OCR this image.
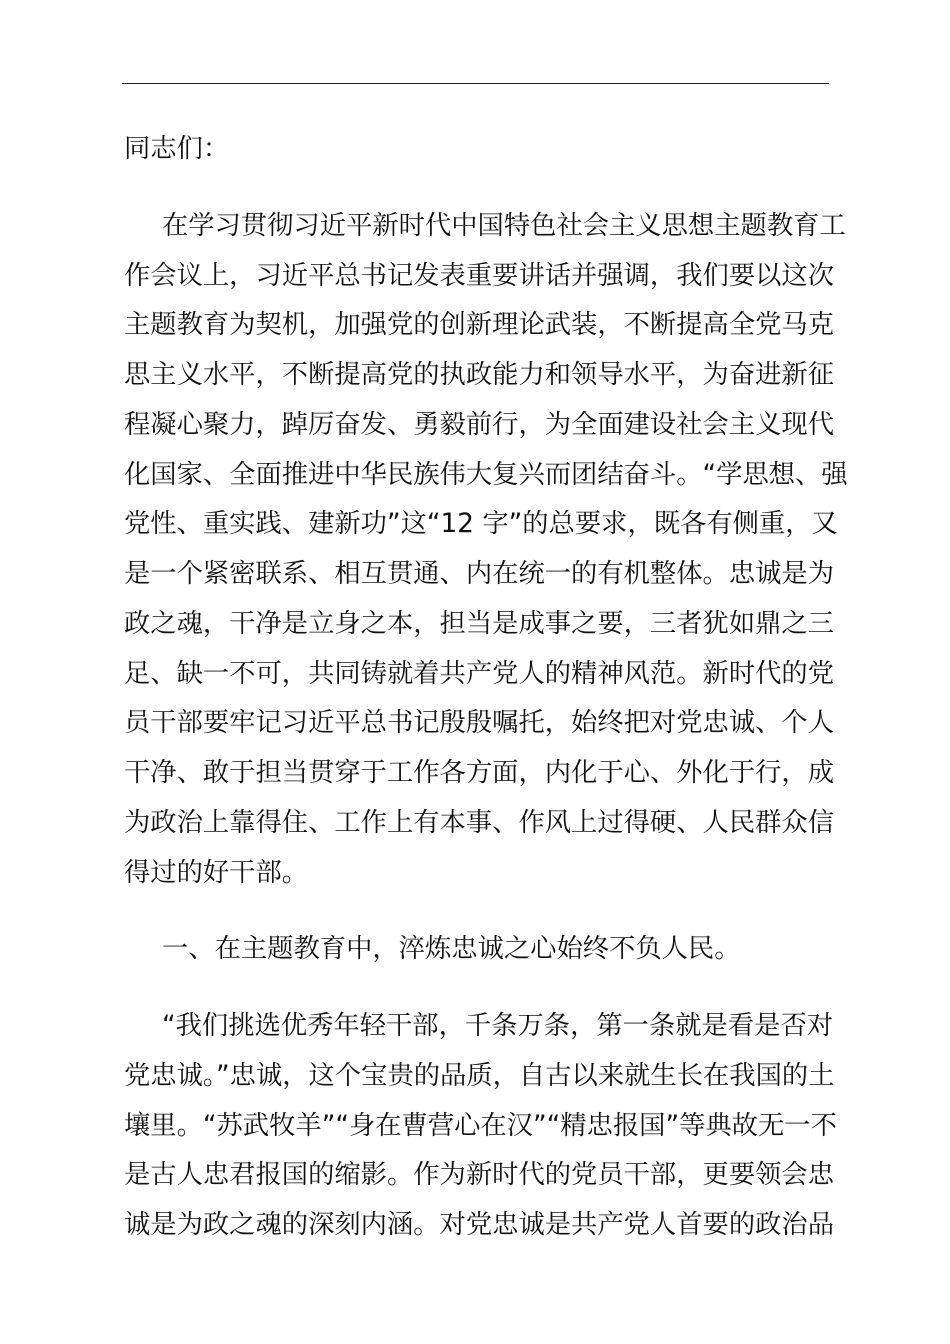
同志们：
在学习贯彻习近平新时代中国特色社会主义思想主题教育工
作会议上，习近平总书记发表重要讲话并强调，我们要以这次
主题教育为契机，加强党的创新理论武装，不断提高全党马克
思主义水平，不断提高党的执政能力和领导水平，为奋进新征
程凝心聚力，踔厉奋发、勇毅前行，为全面建设社会主义现代
化国家、全面推进中华民族伟大复兴而团结奋斗。“学思想、强
党性、重实践、建新功”这“12 字”的总要求，既各有侧重，又
是一个紧密联系、相互贯通、内在统一的有机整体。忠诚是为
政之魂，干净是立身之本，担当是成事之要，三者犹如鼎之三
足、缺一不可，共同铸就着共产党人的精神风范。新时代的党
员干部要牢记习近平总书记殷殷嘱托，始终把对党忠诚、个人
干净、敢于担当贯穿于工作各方面，内化于心、外化于行，成
为政治上靠得住、工作上有本事、作风上过得硬、人民群众信
得过的好干部。
一、在主题教育中，淬炼忠诚之心始终不负人民。
“我们挑选优秀年轻干部，千条万条，第一条就是看是否对
党忠诚。”忠诚，这个宝贵的品质，自古以来就生长在我国的土
壤里。“苏武牧羊”“身在曹营心在汉”“精忠报国”等典故无一不
是古人忠君报国的缩影。作为新时代的党员干部，更要领会忠
诚是为政之魂的深刻内涵。对党忠诚是共产党人首要的政治品
